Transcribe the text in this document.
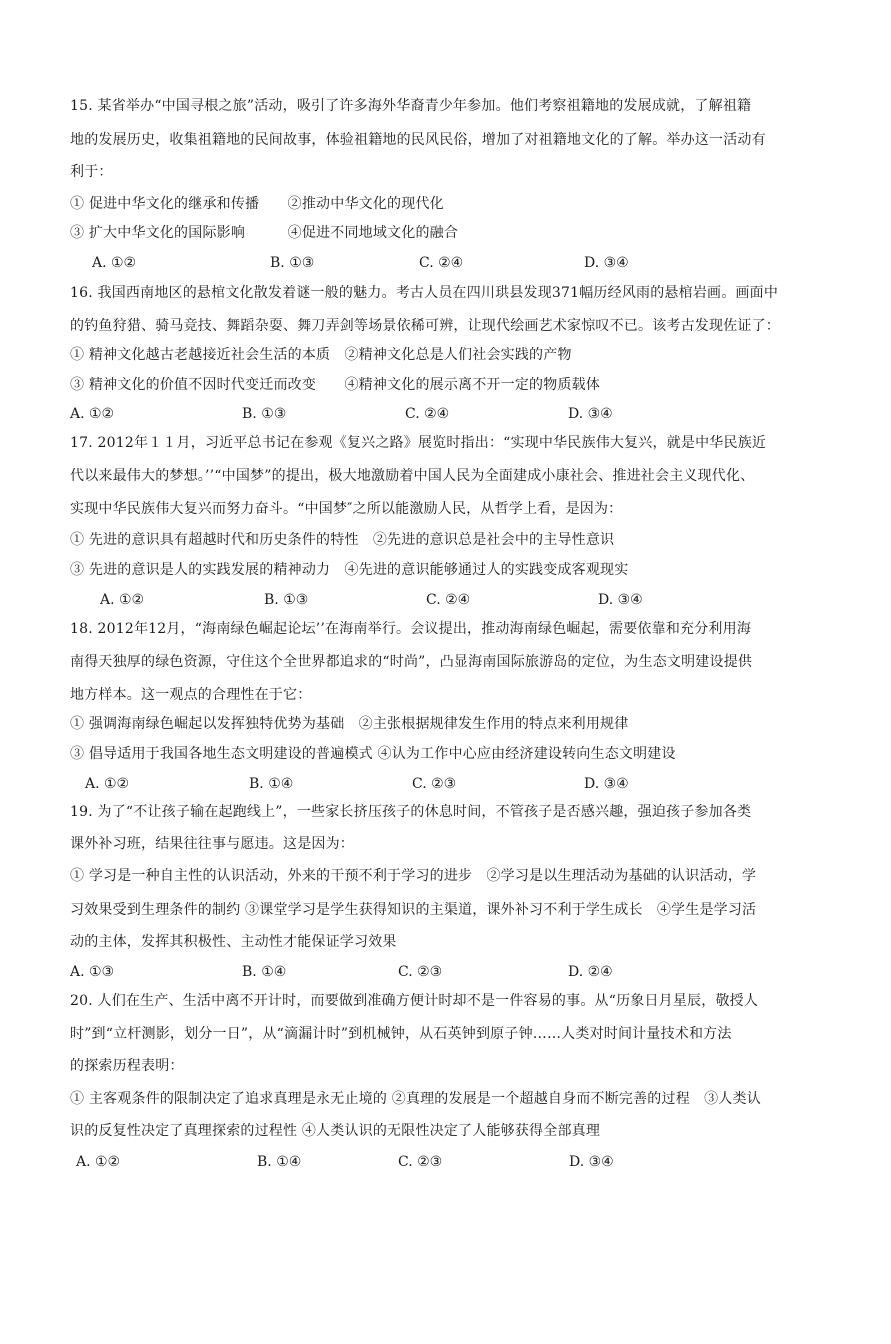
15. 某省举办“中国寻根之旅”活动，吸引了许多海外华裔青少年参加。他们考察祖籍地的发展成就，了解祖籍
地的发展历史，收集祖籍地的民间故事，体验祖籍地的民风民俗，增加了对祖籍地文化的了解。举办这一活动有
利于：
① 促进中华文化的继承和传播　　②推动中华文化的现代化
③ 扩大中华文化的国际影响　　　④促进不同地域文化的融合
A. ①②	B. ①③	C. ②④	D. ③④
16. 我国西南地区的悬棺文化散发着谜一般的魅力。考古人员在四川珙县发现371幅历经风雨的悬棺岩画。画面中
的钓鱼狩猎、骑马竞技、舞蹈杂耍、舞刀弄剑等场景依稀可辨，让现代绘画艺术家惊叹不已。该考古发现佐证了：
① 精神文化越古老越接近社会生活的本质　②精神文化总是人们社会实践的产物
③ 精神文化的价值不因时代变迁而改变　　④精神文化的展示离不开一定的物质载体
A. ①②	B. ①③	C. ②④	D. ③④
17. 2012年１１月，习近平总书记在参观《复兴之路》展览时指出：“实现中华民族伟大复兴，就是中华民族近
代以来最伟大的梦想。’’“中国梦”的提出，极大地激励着中国人民为全面建成小康社会、推进社会主义现代化、
实现中华民族伟大复兴而努力奋斗。“中国梦″之所以能激励人民，从哲学上看，是因为：
① 先进的意识具有超越时代和历史条件的特性　②先进的意识总是社会中的主导性意识
③ 先进的意识是人的实践发展的精神动力　④先进的意识能够通过人的实践变成客观现实
A. ①②	B. ①③	C. ②④	D. ③④
18. 2012年12月，“海南绿色崛起论坛’’在海南举行。会议提出，推动海南绿色崛起，需要依靠和充分利用海
南得天独厚的绿色资源，守住这个全世界都追求的“时尚”，凸显海南国际旅游岛的定位，为生态文明建设提供
地方样本。这一观点的合理性在于它：
① 强调海南绿色崛起以发挥独特优势为基础　②主张根据规律发生作用的特点来利用规律
③ 倡导适用于我国各地生态文明建设的普遍模式 ④认为工作中心应由经济建设转向生态文明建设
A. ①②	B. ①④	C. ②③	D. ③④
19. 为了“不让孩子输在起跑线上”，一些家长挤压孩子的休息时间，不管孩子是否感兴趣，强迫孩子参加各类
课外补习班，结果往往事与愿违。这是因为：
① 学习是一种自主性的认识活动，外来的干预不利于学习的进步　②学习是以生理活动为基础的认识活动，学
习效果受到生理条件的制约 ③课堂学习是学生获得知识的主渠道，课外补习不利于学生成长　④学生是学习活
动的主体，发挥其积极性、主动性才能保证学习效果
A. ①③	B. ①④	C. ②③	D. ②④
20. 人们在生产、生活中离不开计时，而要做到准确方便计时却不是一件容易的事。从“历象日月星辰，敬授人
时”到“立杆测影，划分一日”，从“滴漏计时”到机械钟，从石英钟到原子钟……人类对时间计量技术和方法
的探索历程表明：
① 主客观条件的限制决定了追求真理是永无止境的 ②真理的发展是一个超越自身而不断完善的过程　③人类认
识的反复性决定了真理探索的过程性 ④人类认识的无限性决定了人能够获得全部真理
A. ①②	B. ①④	C. ②③	D. ③④
